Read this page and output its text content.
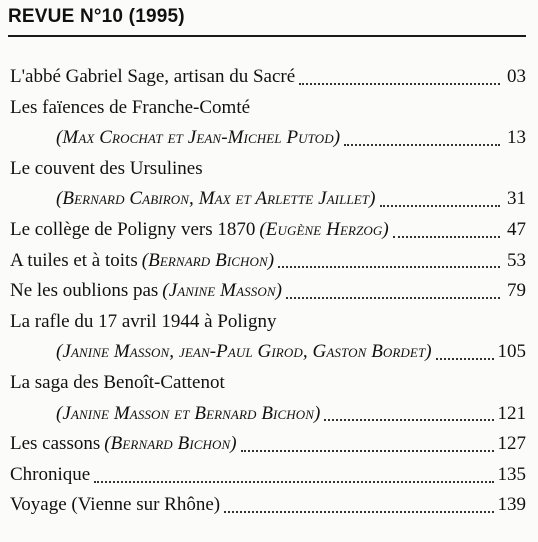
REVUE N°10 (1995)
L'abbé Gabriel Sage, artisan du Sacré	03
Les faïences de Franche-Comté
(Max Crochat et Jean-Michel Putod)	13
Le couvent des Ursulines
(Bernard Cabiron, Max et Arlette Jaillet)	31
Le collège de Poligny vers 1870 (Eugène Herzog)	47
A tuiles et à toits (Bernard Bichon)	53
Ne les oublions pas (Janine Masson)	79
La rafle du 17 avril 1944 à Poligny
(Janine Masson, jean-Paul Girod, Gaston Bordet)	105
La saga des Benoît-Cattenot
(Janine Masson et Bernard Bichon)	121
Les cassons (Bernard Bichon)	127
Chronique	135
Voyage (Vienne sur Rhône)	139
